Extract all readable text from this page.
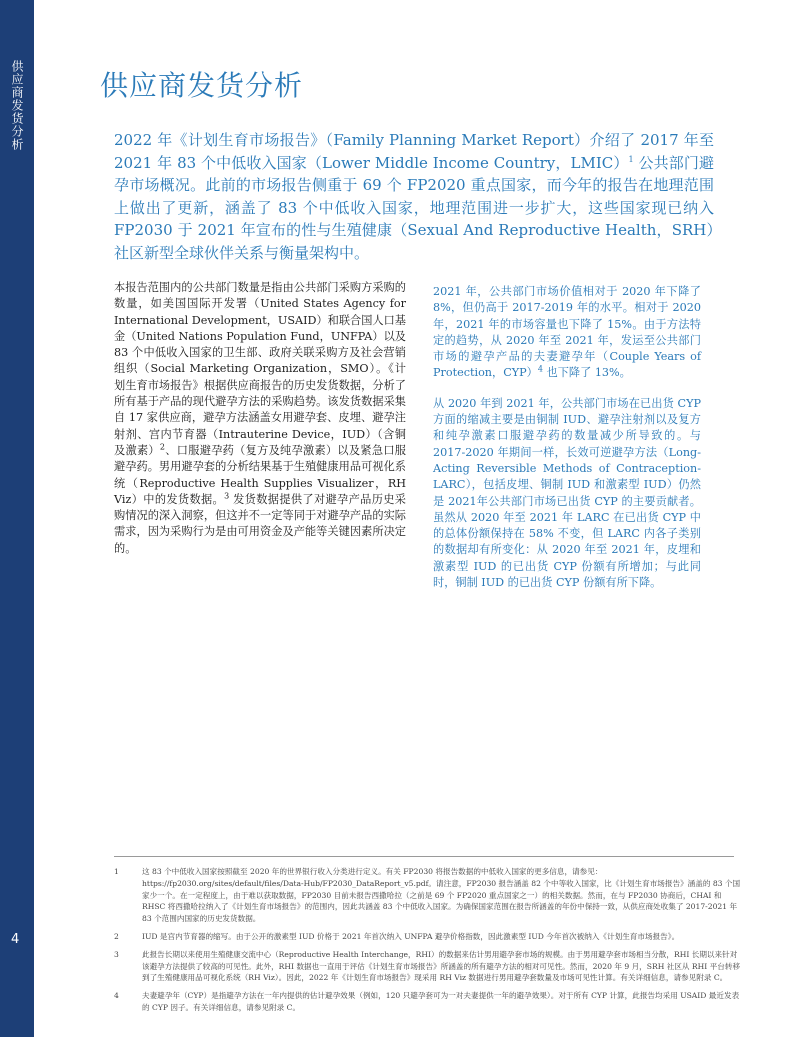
供应商发货分析
4
供应商发货分析

2022 年《计划生育市场报告》（Family Planning Market Report）介绍了 2017 年至 2021 年 83 个中低收入国家（Lower Middle Income Country，LMIC）$^1$ 公共部门避孕市场概况。此前的市场报告侧重于 69 个 FP2020 重点国家，而今年的报告在地理范围上做出了更新，涵盖了 83 个中低收入国家，地理范围进一步扩大，这些国家现已纳入 FP2030 于 2021 年宣布的性与生殖健康（Sexual And Reproductive Health，SRH）社区新型全球伙伴关系与衡量架构中。

本报告范围内的公共部门数量是指由公共部门采购方采购的数量，如美国国际开发署（United States Agency for International Development，USAID）和联合国人口基金（United Nations Population Fund，UNFPA）以及 83 个中低收入国家的卫生部、政府关联采购方及社会营销组织（Social Marketing Organization，SMO）。《计划生育市场报告》根据供应商报告的历史发货数据，分析了所有基于产品的现代避孕方法的采购趋势。该发货数据采集自 17 家供应商，避孕方法涵盖女用避孕套、皮埋、避孕注射剂、宫内节育器（Intrauterine Device，IUD）（含铜及激素）$^2$、口服避孕药（复方及纯孕激素）以及紧急口服避孕药。男用避孕套的分析结果基于生殖健康用品可视化系统（Reproductive Health Supplies Visualizer，RH Viz）中的发货数据。$^3$ 发货数据提供了对避孕产品历史采购情况的深入洞察，但这并不一定等同于对避孕产品的实际需求，因为采购行为是由可用资金及产能等关键因素所决定的。

2021 年，公共部门市场价值相对于 2020 年下降了 8%，但仍高于 2017-2019 年的水平。相对于 2020 年，2021 年的市场容量也下降了 15%。由于方法特定的趋势，从 2020 年至 2021 年，发运至公共部门市场的避孕产品的夫妻避孕年（Couple Years of Protection，CYP）$^4$ 也下降了 13%。

从 2020 年到 2021 年，公共部门市场在已出货 CYP 方面的缩减主要是由铜制 IUD、避孕注射剂以及复方和纯孕激素口服避孕药的数量减少所导致的。与 2017-2020 年期间一样，长效可逆避孕方法（Long-Acting Reversible Methods of Contraception-LARC），包括皮埋、铜制 IUD 和激素型 IUD）仍然是 2021年公共部门市场已出货 CYP 的主要贡献者。虽然从 2020 年至 2021 年 LARC 在已出货 CYP 中的总体份额保持在 58% 不变，但 LARC 内各子类别的数据却有所变化：从 2020 年至 2021 年，皮埋和激素型 IUD 的已出货 CYP 份额有所增加；与此同时，铜制 IUD 的已出货 CYP 份额有所下降。

1	这 83 个中低收入国家按照截至 2020 年的世界银行收入分类进行定义。有关 FP2030 将报告数据的中低收入国家的更多信息，请参见：https://fp2030.org/sites/default/files/Data-Hub/FP2030_DataReport_v5.pdf。请注意，FP2030 报告涵盖 82 个中等收入国家，比《计划生育市场报告》涵盖的 83 个国家少一个。在一定程度上，由于难以获取数据，FP2030 目前未报告西撒哈拉（之前是 69 个 FP2020 重点国家之一）的相关数据。然而，在与 FP2030 协商后，CHAI 和 RHSC 将西撒哈拉纳入了《计划生育市场报告》的范围内，因此共涵盖 83 个中低收入国家。为确保国家范围在报告所涵盖的年份中保持一致，从供应商处收集了 2017-2021 年 83 个范围内国家的历史发货数据。
2	IUD 是宫内节育器的缩写。由于公开的激素型 IUD 价格于 2021 年首次纳入 UNFPA 避孕价格指数，因此激素型 IUD 今年首次被纳入《计划生育市场报告》。
3	此报告长期以来使用生殖健康交流中心（Reproductive Health Interchange，RHI）的数据来估计男用避孕套市场的规模。由于男用避孕套市场相当分散，RHI 长期以来针对该避孕方法提供了较高的可见性。此外，RHI 数据也一直用于评估《计划生育市场报告》所涵盖的所有避孕方法的相对可见性。然而，2020 年 9 月，SRH 社区从 RHI 平台转移到了生殖健康用品可视化系统（RH Viz）。因此，2022 年《计划生育市场报告》现采用 RH Viz 数据进行男用避孕套数量及市场可见性计算。有关详细信息，请参见附录 C。
4	夫妻避孕年（CYP）是指避孕方法在一年内提供的估计避孕效果（例如，120 只避孕套可为一对夫妻提供一年的避孕效果）。对于所有 CYP 计算，此报告均采用 USAID 最近发表的 CYP 因子。有关详细信息，请参见附录 C。
